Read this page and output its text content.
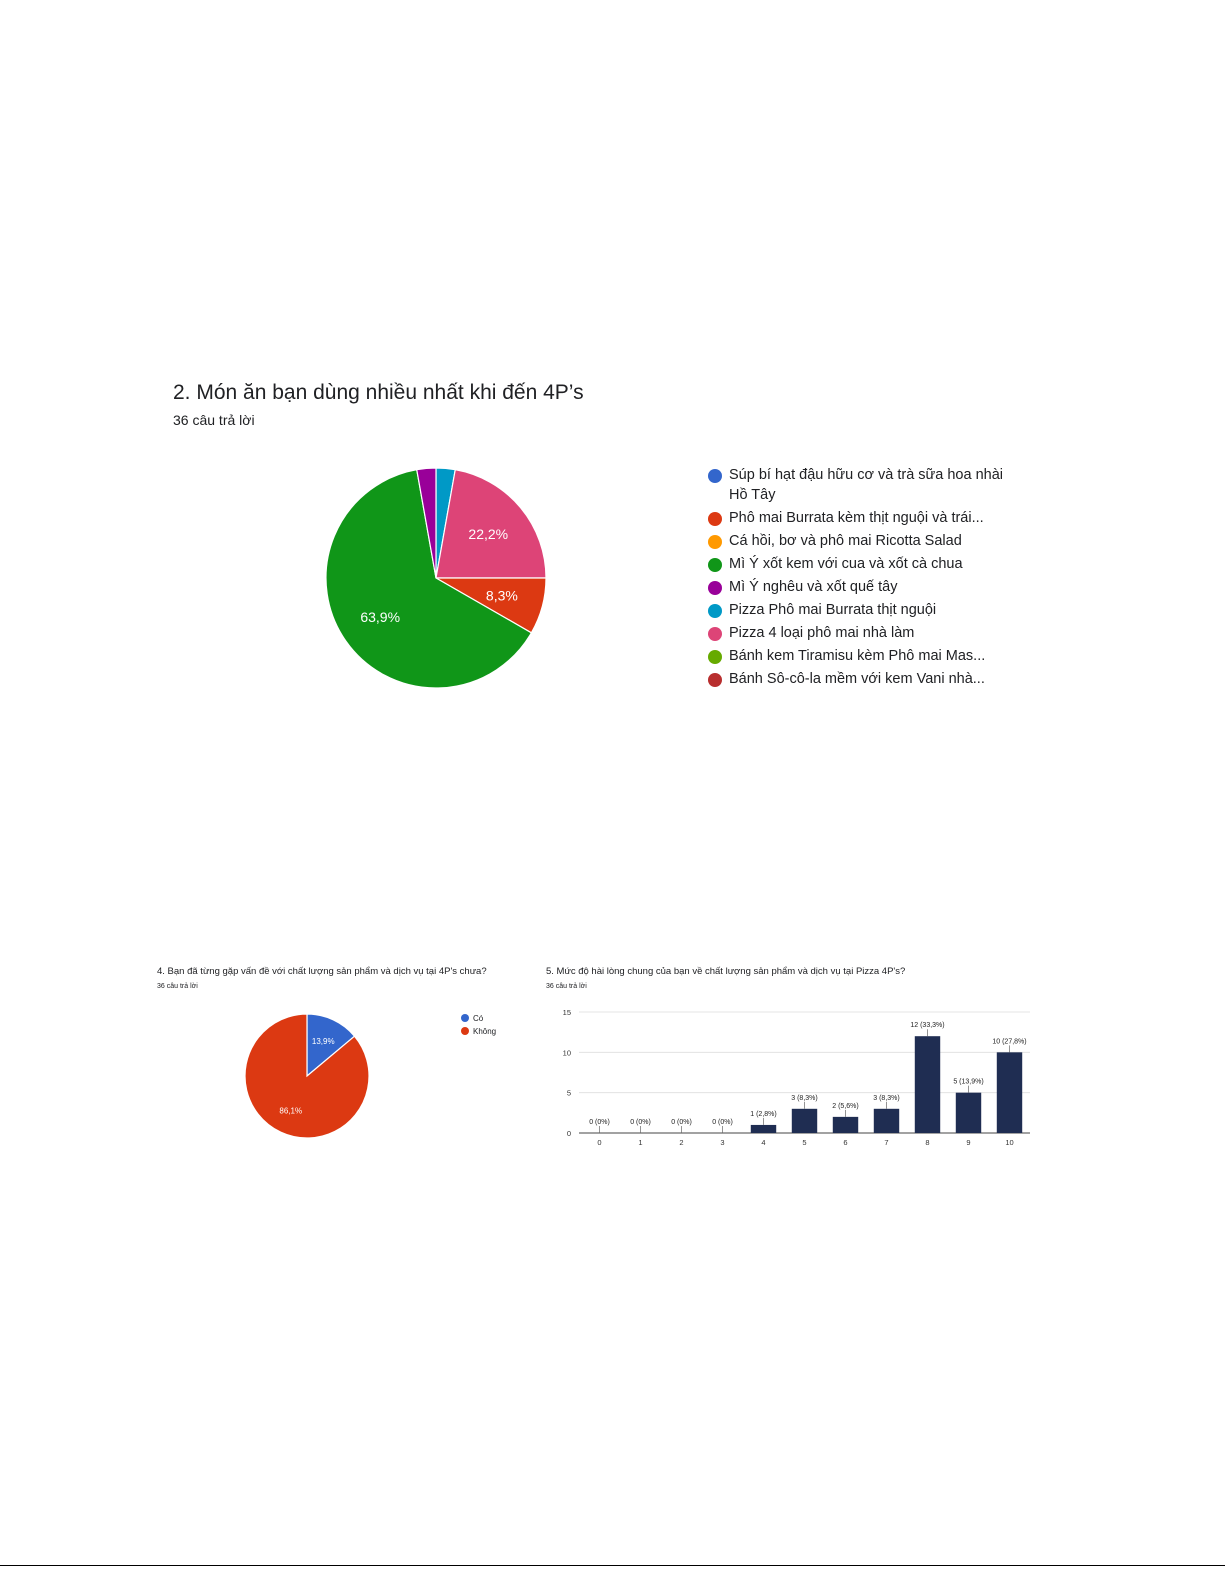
2. Món ăn bạn dùng nhiều nhất khi đến 4P’s
36 câu trả lời
22,2%
8,3%
63,9%
Súp bí hạt đậu hữu cơ và trà sữa hoa nhài Hồ Tây
Phô mai Burrata kèm thịt nguội và trái...
Cá hồi, bơ và phô mai Ricotta Salad
Mì Ý xốt kem với cua và xốt cà chua
Mì Ý nghêu và xốt quế tây
Pizza Phô mai Burrata thịt nguội
Pizza 4 loại phô mai nhà làm
Bánh kem Tiramisu kèm Phô mai Mas...
Bánh Sô-cô-la mềm với kem Vani nhà...
4. Bạn đã từng gặp vấn đề với chất lượng sản phẩm và dịch vụ tại 4P's chưa?
36 câu trả lời
13,9%
86,1%
Có
Không
5. Mức độ hài lòng chung của bạn về chất lượng sản phẩm và dịch vụ tại Pizza 4P's?
36 câu trả lời
0
5
10
15
0 (0%)
0
0 (0%)
1
0 (0%)
2
0 (0%)
3
1 (2,8%)
4
3 (8,3%)
5
2 (5,6%)
6
3 (8,3%)
7
12 (33,3%)
8
5 (13,9%)
9
10 (27,8%)
10
